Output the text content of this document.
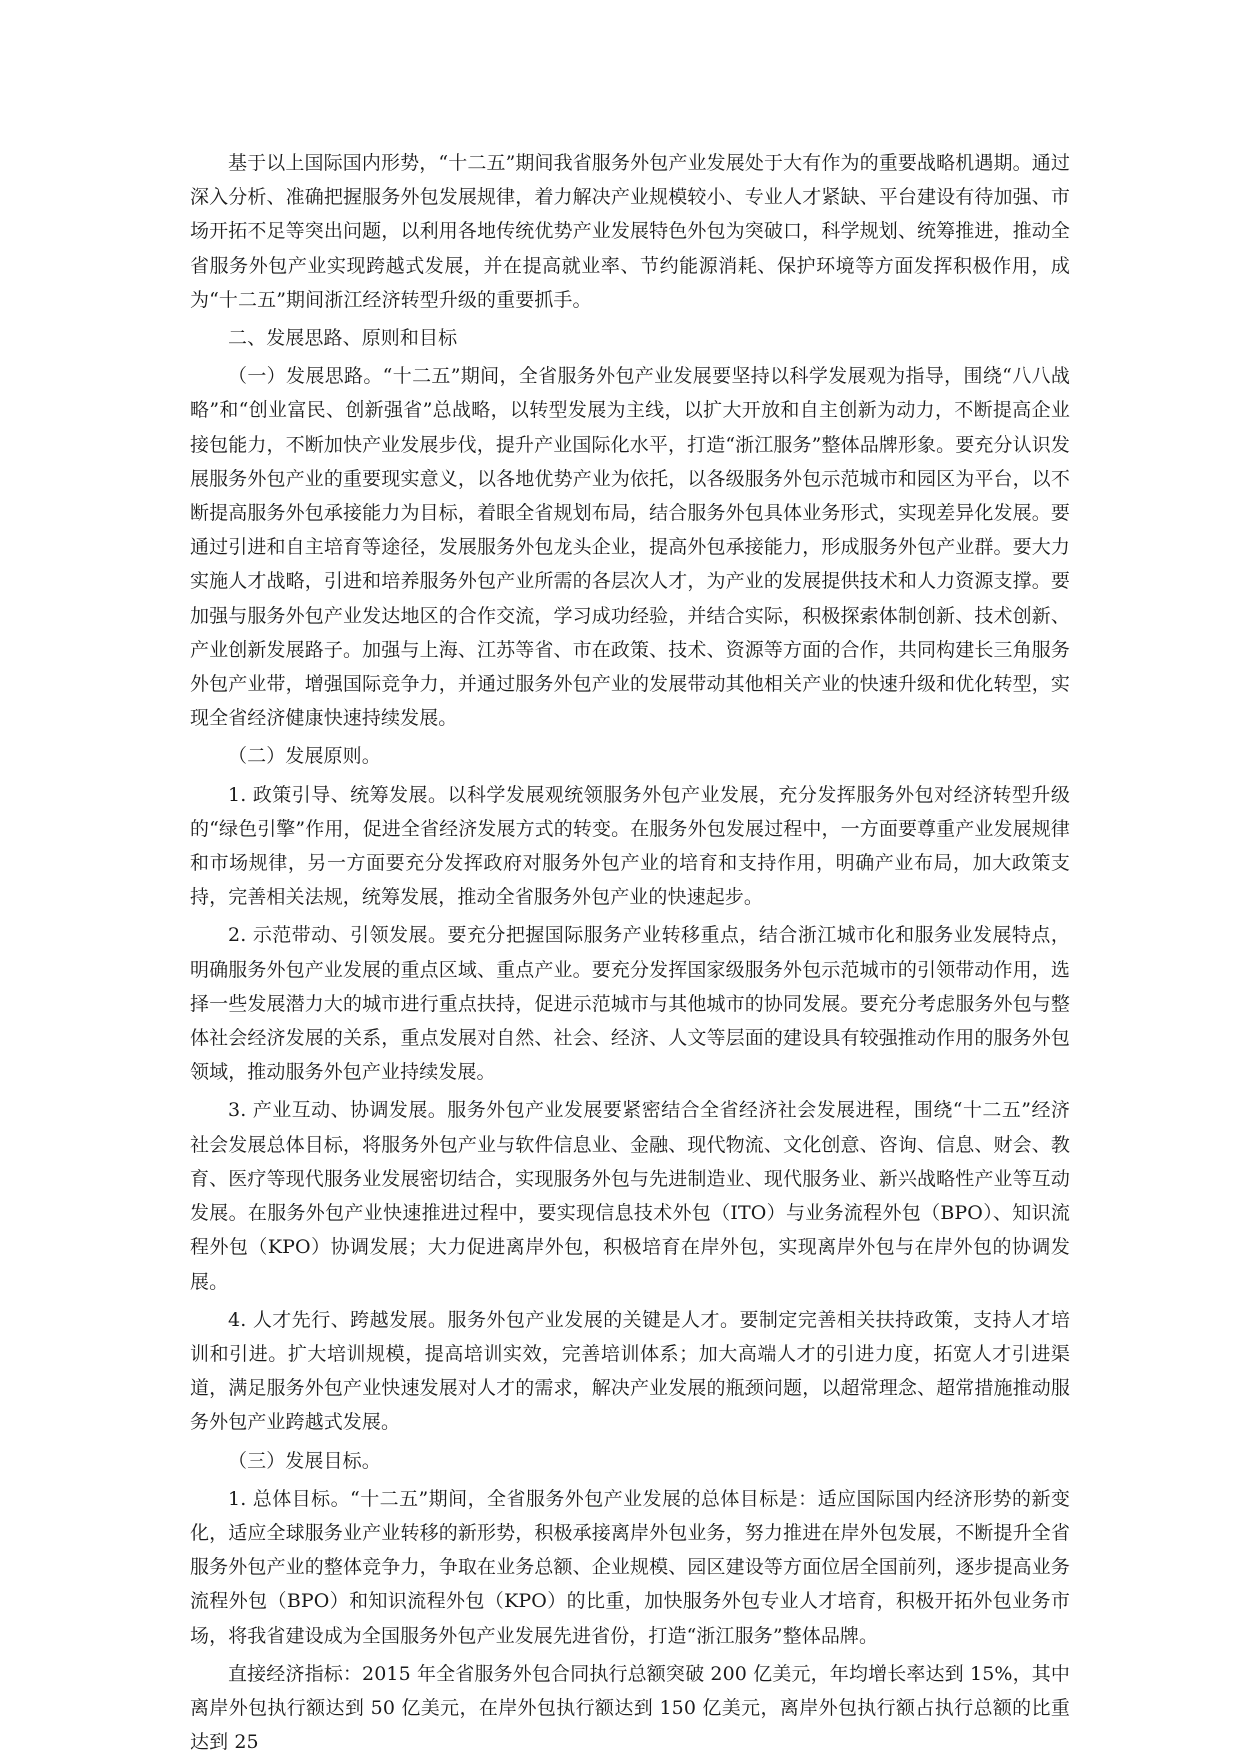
基于以上国际国内形势，“十二五”期间我省服务外包产业发展处于大有作为的重要战略机遇期。通过深入分析、准确把握服务外包发展规律，着力解决产业规模较小、专业人才紧缺、平台建设有待加强、市场开拓不足等突出问题，以利用各地传统优势产业发展特色外包为突破口，科学规划、统筹推进，推动全省服务外包产业实现跨越式发展，并在提高就业率、节约能源消耗、保护环境等方面发挥积极作用，成为“十二五”期间浙江经济转型升级的重要抓手。

二、发展思路、原则和目标

（一）发展思路。“十二五”期间，全省服务外包产业发展要坚持以科学发展观为指导，围绕“八八战略”和“创业富民、创新强省”总战略，以转型发展为主线，以扩大开放和自主创新为动力，不断提高企业接包能力，不断加快产业发展步伐，提升产业国际化水平，打造“浙江服务”整体品牌形象。要充分认识发展服务外包产业的重要现实意义，以各地优势产业为依托，以各级服务外包示范城市和园区为平台，以不断提高服务外包承接能力为目标，着眼全省规划布局，结合服务外包具体业务形式，实现差异化发展。要通过引进和自主培育等途径，发展服务外包龙头企业，提高外包承接能力，形成服务外包产业群。要大力实施人才战略，引进和培养服务外包产业所需的各层次人才，为产业的发展提供技术和人力资源支撑。要加强与服务外包产业发达地区的合作交流，学习成功经验，并结合实际，积极探索体制创新、技术创新、产业创新发展路子。加强与上海、江苏等省、市在政策、技术、资源等方面的合作，共同构建长三角服务外包产业带，增强国际竞争力，并通过服务外包产业的发展带动其他相关产业的快速升级和优化转型，实现全省经济健康快速持续发展。

（二）发展原则。

1. 政策引导、统筹发展。以科学发展观统领服务外包产业发展，充分发挥服务外包对经济转型升级的“绿色引擎”作用，促进全省经济发展方式的转变。在服务外包发展过程中，一方面要尊重产业发展规律和市场规律，另一方面要充分发挥政府对服务外包产业的培育和支持作用，明确产业布局，加大政策支持，完善相关法规，统筹发展，推动全省服务外包产业的快速起步。

2. 示范带动、引领发展。要充分把握国际服务产业转移重点，结合浙江城市化和服务业发展特点，明确服务外包产业发展的重点区域、重点产业。要充分发挥国家级服务外包示范城市的引领带动作用，选择一些发展潜力大的城市进行重点扶持，促进示范城市与其他城市的协同发展。要充分考虑服务外包与整体社会经济发展的关系，重点发展对自然、社会、经济、人文等层面的建设具有较强推动作用的服务外包领域，推动服务外包产业持续发展。

3. 产业互动、协调发展。服务外包产业发展要紧密结合全省经济社会发展进程，围绕“十二五”经济社会发展总体目标，将服务外包产业与软件信息业、金融、现代物流、文化创意、咨询、信息、财会、教育、医疗等现代服务业发展密切结合，实现服务外包与先进制造业、现代服务业、新兴战略性产业等互动发展。在服务外包产业快速推进过程中，要实现信息技术外包（ITO）与业务流程外包（BPO）、知识流程外包（KPO）协调发展；大力促进离岸外包，积极培育在岸外包，实现离岸外包与在岸外包的协调发展。

4. 人才先行、跨越发展。服务外包产业发展的关键是人才。要制定完善相关扶持政策，支持人才培训和引进。扩大培训规模，提高培训实效，完善培训体系；加大高端人才的引进力度，拓宽人才引进渠道，满足服务外包产业快速发展对人才的需求，解决产业发展的瓶颈问题，以超常理念、超常措施推动服务外包产业跨越式发展。

（三）发展目标。

1. 总体目标。“十二五”期间，全省服务外包产业发展的总体目标是：适应国际国内经济形势的新变化，适应全球服务业产业转移的新形势，积极承接离岸外包业务，努力推进在岸外包发展，不断提升全省服务外包产业的整体竞争力，争取在业务总额、企业规模、园区建设等方面位居全国前列，逐步提高业务流程外包（BPO）和知识流程外包（KPO）的比重，加快服务外包专业人才培育，积极开拓外包业务市场，将我省建设成为全国服务外包产业发展先进省份，打造“浙江服务”整体品牌。

直接经济指标：2015 年全省服务外包合同执行总额突破 200 亿美元，年均增长率达到 15%，其中离岸外包执行额达到 50 亿美元，在岸外包执行额达到 150 亿美元，离岸外包执行额占执行总额的比重达到 25
